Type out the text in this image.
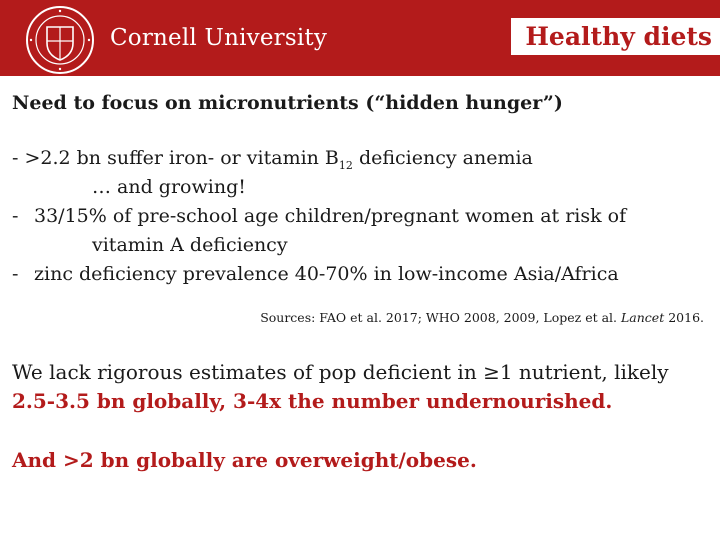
Cornell University	Healthy diets
Need to focus on micronutrients (“hidden hunger”)
- >2.2 bn suffer iron- or vitamin $B_{12}$ deficiency anemia
… and growing!
-33/15% of pre-school age children/pregnant women at risk of
vitamin A deficiency
-zinc deficiency prevalence 40-70% in low-income Asia/Africa
Sources: FAO et al. 2017; WHO 2008, 2009, Lopez et al. Lancet 2016.
We lack rigorous estimates of pop deficient in ≥1 nutrient, likely
2.5-3.5 bn globally, 3-4x the number undernourished.
And >2 bn globally are overweight/obese.
